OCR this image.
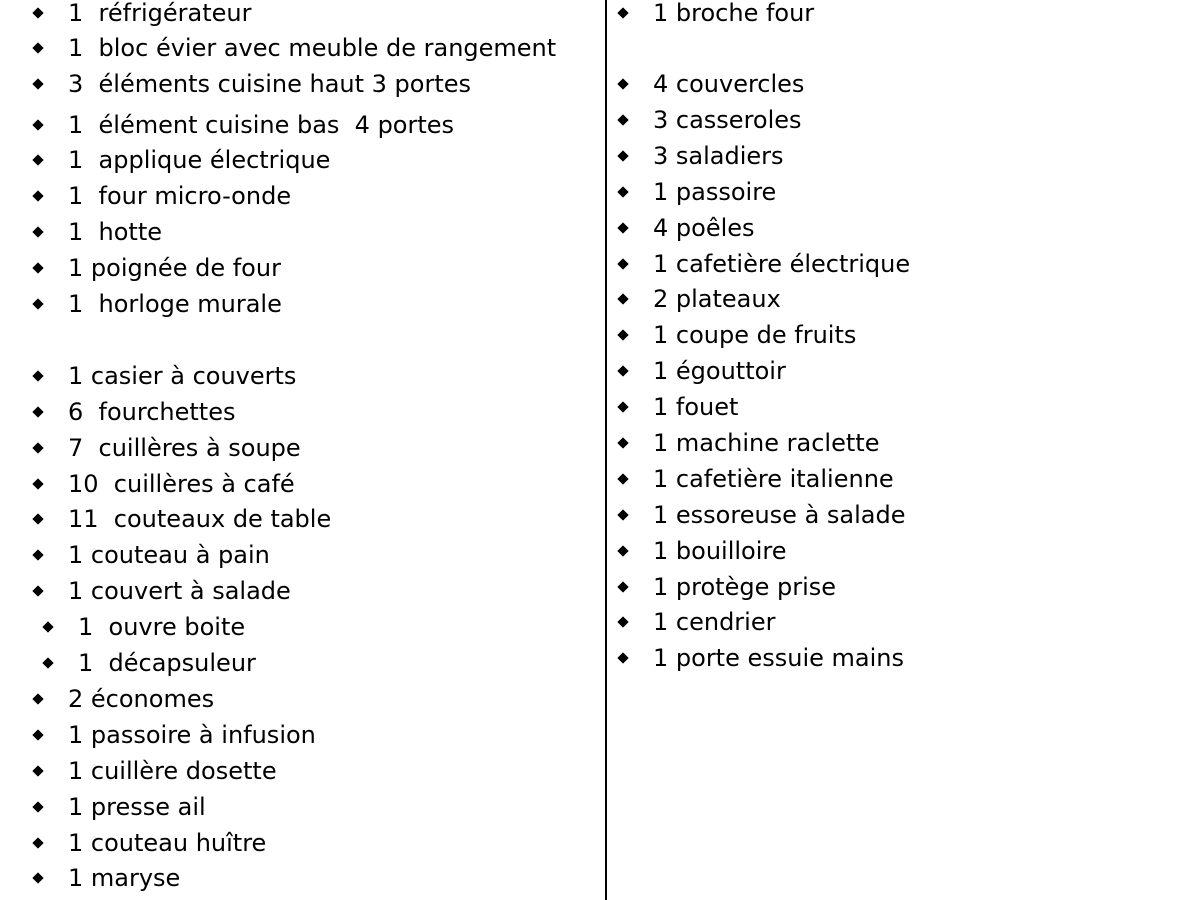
1  réfrigérateur
1  bloc évier avec meuble de rangement
3  éléments cuisine haut 3 portes
1  élément cuisine bas  4 portes
1  applique électrique
1  four micro-onde
1  hotte
1 poignée de four
1  horloge murale
1 casier à couverts
6  fourchettes
7  cuillères à soupe
10  cuillères à café
11  couteaux de table
1 couteau à pain
1 couvert à salade
1  ouvre boite
1  décapsuleur
2 économes
1 passoire à infusion
1 cuillère dosette
1 presse ail
1 couteau huître
1 maryse
1 broche four
4 couvercles
3 casseroles
3 saladiers
1 passoire
4 poêles
1 cafetière électrique
2 plateaux
1 coupe de fruits
1 égouttoir
1 fouet
1 machine raclette
1 cafetière italienne
1 essoreuse à salade
1 bouilloire
1 protège prise
1 cendrier
1 porte essuie mains
